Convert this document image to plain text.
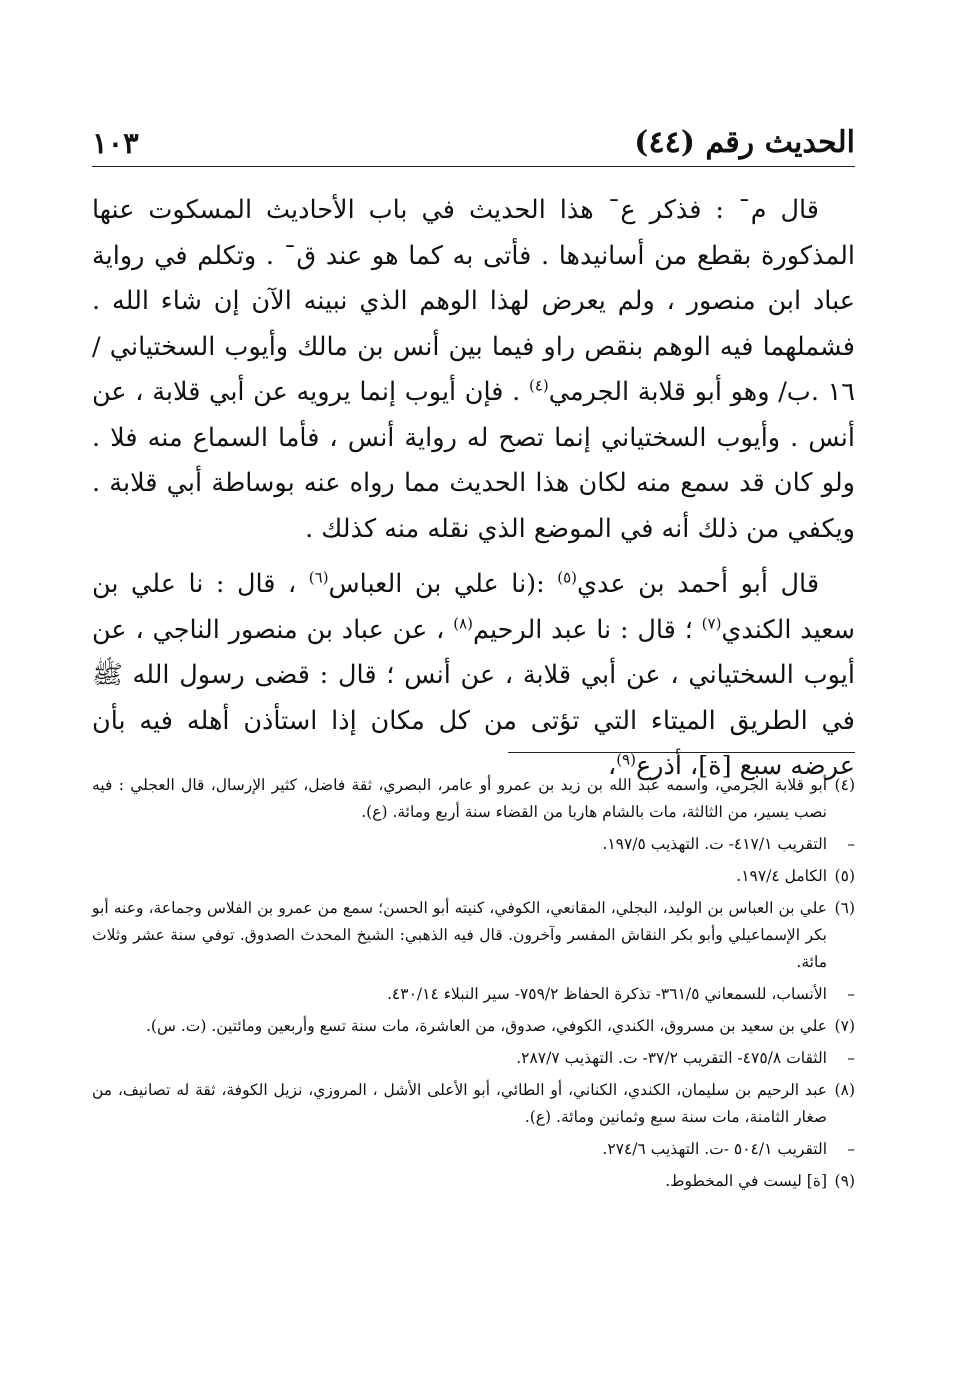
الحديث رقم (٤٤)
١٠٣

قال مˉ : فذكر عˉ هذا الحديث في باب الأحاديث المسكوت عنها المذكورة بقطع من أسانيدها . فأتى به كما هو عند قˉ . وتكلم في رواية عباد ابن منصور ، ولم يعرض لهذا الوهم الذي نبينه الآن إن شاء الله . فشملهما فيه الوهم بنقص راو فيما بين أنس بن مالك وأيوب السختياني /١٦ .ب/ وهو أبو قلابة الجرمي$^{(٤)}$ . فإن أيوب إنما يرويه عن أبي قلابة ، عن أنس . وأيوب السختياني إنما تصح له رواية أنس ، فأما السماع منه فلا . ولو كان قد سمع منه لكان هذا الحديث مما رواه عنه بوساطة أبي قلابة . ويكفي من ذلك أنه في الموضع الذي نقله منه كذلك .

قال أبو أحمد بن عدي$^{(٥)}$ :(نا علي بن العباس$^{(٦)}$ ، قال : نا علي بن سعيد الكندي$^{(٧)}$ ؛ قال : نا عبد الرحيم$^{(٨)}$ ، عن عباد بن منصور الناجي ، عن أيوب السختياني ، عن أبي قلابة ، عن أنس ؛ قال : قضى رسول الله ﷺ في الطريق الميتاء التي تؤتى من كل مكان إذا استأذن أهله فيه بأن عرضه سبع [ة]، أذرع$^{(٩)}$،

(٤)أبو قلابة الجرمي، واسمه عبد الله بن زيد بن عمرو أو عامر، البصري، ثقة فاضل، كثير الإرسال، قال العجلي : فيه نصب يسير، من الثالثة، مات بالشام هاربا من القضاء سنة أربع ومائة. (ع).
–التقريب ٤١٧/١- ت. التهذيب ١٩٧/٥.
(٥)الكامل ١٩٧/٤.
(٦)علي بن العباس بن الوليد، البجلي، المقانعي، الكوفي، كنيته أبو الحسن؛ سمع من عمرو بن الفلاس وجماعة، وعنه أبو بكر الإسماعيلي وأبو بكر النقاش المفسر وآخرون. قال فيه الذهبي: الشيخ المحدث الصدوق. توفي سنة عشر وثلاث مائة.
–الأنساب، للسمعاني ٣٦١/٥- تذكرة الحفاظ ٧٥٩/٢- سير النبلاء ٤٣٠/١٤.
(٧)علي بن سعيد بن مسروق، الكندي، الكوفي، صدوق، من العاشرة، مات سنة تسع وأربعين ومائتين. (ت. س).
–الثقات ٤٧٥/٨- التقريب ٣٧/٢- ت. التهذيب ٢٨٧/٧.
(٨)عبد الرحيم بن سليمان، الكندي، الكناني، أو الطائي، أبو الأعلى الأشل ، المروزي، نزيل الكوفة، ثقة له تصانيف، من صغار الثامنة، مات سنة سبع وثمانين ومائة. (ع).
–التقريب ٥٠٤/١ -ت. التهذيب ٢٧٤/٦.
(٩)[ة] ليست في المخطوط.
